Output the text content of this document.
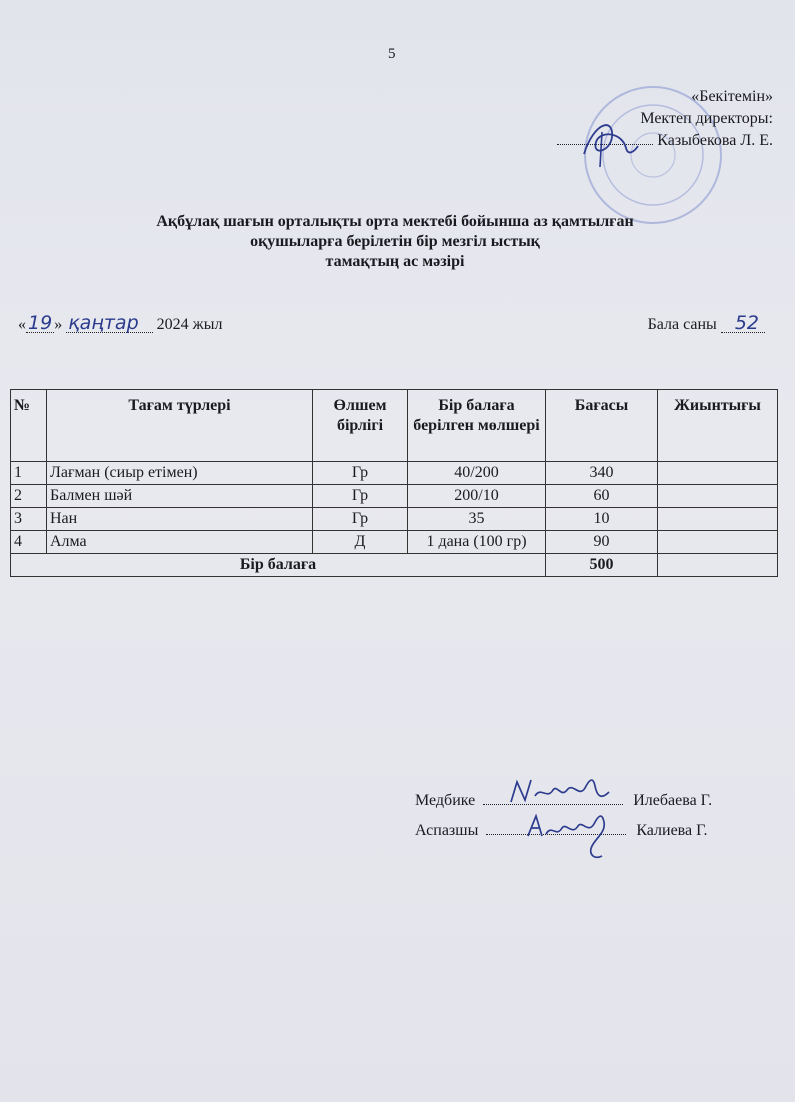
5
«Бекітемін»
Мектеп директоры:
Казыбекова Л. Е.
Ақбұлақ шағын орталықты орта мектебі бойынша аз қамтылған
оқушыларға берілетін бір мезгіл ыстық
тамақтың ас мәзірі
« 19 » қаңтар 2024 жыл	Бала саны 52
№	Тағам түрлері	Өлшем бірлігі	Бір балаға берілген мөлшері	Бағасы	Жиынтығы
1	Лағман (сиыр етімен)	Гр	40/200	340	
2	Балмен шәй	Гр	200/10	60	
3	Нан	Гр	35	10	
4	Алма	Д	1 дана (100 гр)	90	
Бір балаға				500	
Медбике	Илебаева Г.
Аспазшы	Калиева Г.
